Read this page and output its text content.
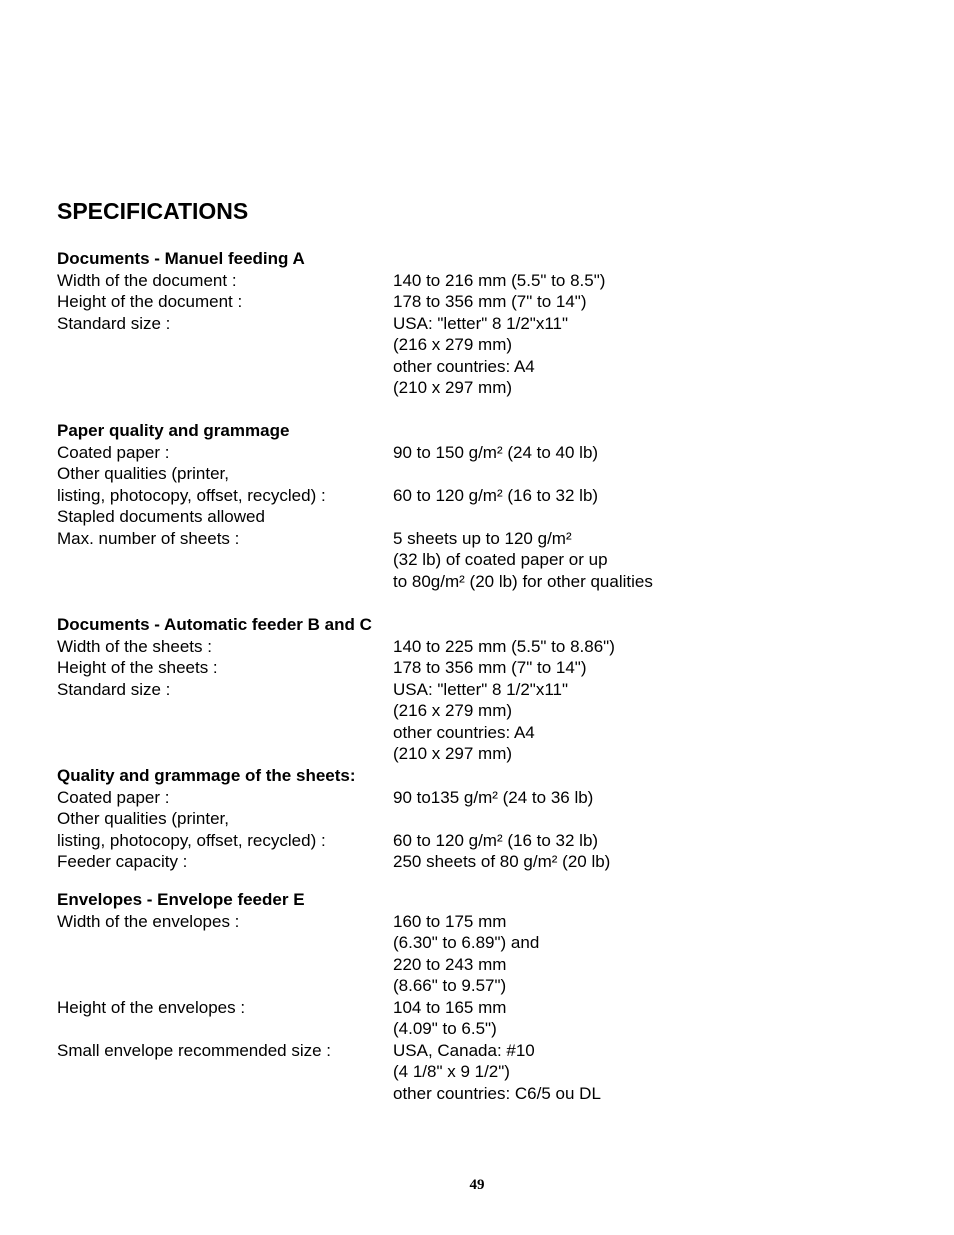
SPECIFICATIONS
Documents - Manuel feeding A
Width of the document :	140 to 216 mm (5.5" to 8.5")
Height of the document :	178 to 356 mm (7" to 14")
Standard size :	USA: "letter" 8 1/2"x11"
(216 x 279 mm)
other countries: A4
(210 x 297 mm)
Paper quality and grammage
Coated paper :	90 to 150 g/m² (24 to 40 lb)
Other qualities (printer,
listing, photocopy, offset, recycled) :	60 to 120 g/m² (16 to 32 lb)
Stapled documents allowed
Max. number of sheets :	5 sheets up to 120 g/m²
(32 lb) of coated paper or up
to 80g/m² (20 lb) for other qualities
Documents - Automatic feeder B and C
Width of the sheets :	140 to 225 mm (5.5" to 8.86")
Height of the sheets :	178 to 356 mm (7" to 14")
Standard size :	USA: "letter" 8 1/2"x11"
(216 x 279 mm)
other countries: A4
(210 x 297 mm)
Quality and grammage of the sheets:
Coated paper :	90 to135 g/m² (24 to 36 lb)
Other qualities (printer,
listing, photocopy, offset, recycled) :	60 to 120 g/m² (16 to 32 lb)
Feeder capacity :	250 sheets of 80 g/m² (20 lb)
Envelopes - Envelope feeder E
Width of the envelopes :	160 to 175 mm
(6.30" to 6.89") and
220 to 243 mm
(8.66" to 9.57")
Height of the envelopes :	104 to 165 mm
(4.09" to 6.5")
Small envelope recommended size :	USA, Canada: #10
(4 1/8" x 9 1/2")
other countries: C6/5 ou DL
49
